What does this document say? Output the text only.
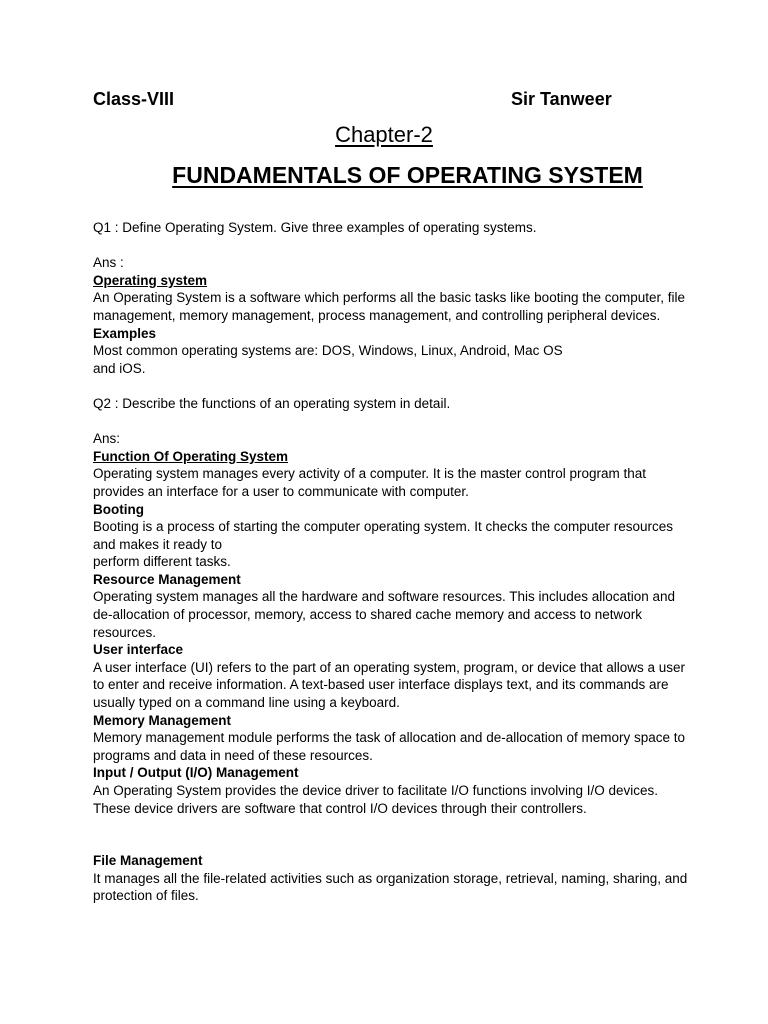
Class-VIII	Sir Tanweer
Chapter-2
FUNDAMENTALS OF OPERATING SYSTEM

Q1 : Define Operating System. Give three examples of operating systems.

Ans :

Operating system

An Operating System is a software which performs all the basic tasks like booting the computer, file management, memory management, process management, and controlling peripheral devices.

Examples

Most common operating systems are: DOS, Windows, Linux, Android, Mac OS

and iOS.

Q2 : Describe the functions of an operating system in detail.

Ans:

Function Of Operating System

Operating system manages every activity of a computer. It is the master control program that provides an interface for a user to communicate with computer.

Booting

Booting is a process of starting the computer operating system. It checks the computer resources and makes it ready to

perform different tasks.

Resource Management

Operating system manages all the hardware and software resources. This includes allocation and de-allocation of processor, memory, access to shared cache memory and access to network resources.

User interface

A user interface (UI) refers to the part of an operating system, program, or device that allows a user to enter and receive information. A text-based user interface displays text, and its commands are usually typed on a command line using a keyboard.

Memory Management

Memory management module performs the task of allocation and de-allocation of memory space to programs and data in need of these resources.

Input / Output (I/O) Management

An Operating System provides the device driver to facilitate I/O functions involving I/O devices. These device drivers are software that control I/O devices through their controllers.

File Management

It manages all the file-related activities such as organization storage, retrieval, naming, sharing, and protection of files.
